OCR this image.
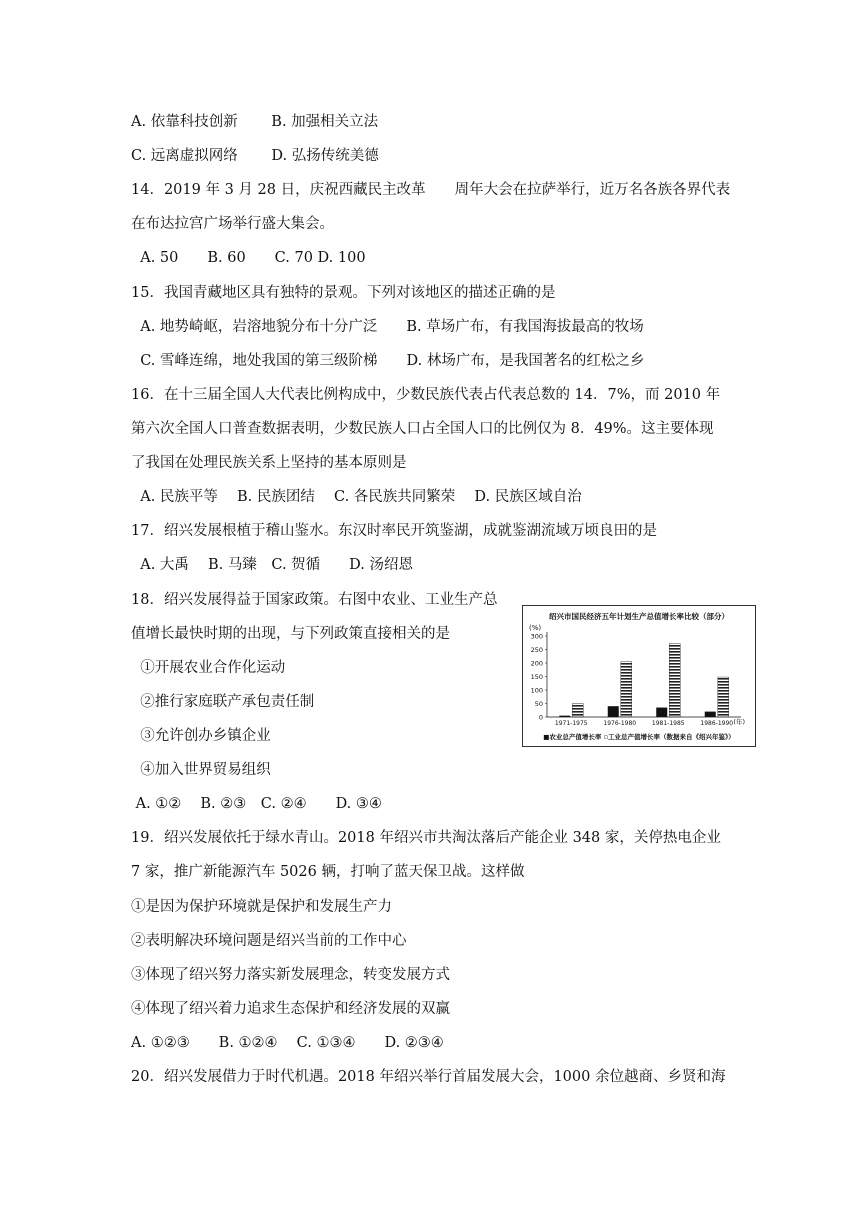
A. 依靠科技创新　　 B. 加强相关立法
C. 远离虚拟网络　　 D. 弘扬传统美德
14．2019 年 3 月 28 日，庆祝西藏民主改革　　周年大会在拉萨举行，近万名各族各界代表
在布达拉宫广场举行盛大集会。
A. 50　　B. 60　　C. 70 D. 100
15．我国青藏地区具有独特的景观。下列对该地区的描述正确的是
A. 地势崎岖，岩溶地貌分布十分广泛　　B. 草场广布，有我国海拔最高的牧场
C. 雪峰连绵，地处我国的第三级阶梯　　D. 林场广布，是我国著名的红松之乡
16．在十三届全国人大代表比例构成中，少数民族代表占代表总数的 14．7%，而 2010 年
第六次全国人口普查数据表明，少数民族人口占全国人口的比例仅为 8．49%。这主要体现
了我国在处理民族关系上坚持的基本原则是
A. 民族平等　 B. 民族团结　 C. 各民族共同繁荣　 D. 民族区域自治
17．绍兴发展根植于稽山鉴水。东汉时率民开筑鉴湖，成就鉴湖流域万顷良田的是
A. 大禹　 B. 马臻　C. 贺循　　D. 汤绍恩
18．绍兴发展得益于国家政策。右图中农业、工业生产总
值增长最快时期的出现，与下列政策直接相关的是
①开展农业合作化运动
②推行家庭联产承包责任制
③允许创办乡镇企业
④加入世界贸易组织
A. ①②　 B. ②③　C. ②④　　D. ③④
19．绍兴发展依托于绿水青山。2018 年绍兴市共淘汰落后产能企业 348 家，关停热电企业
7 家，推广新能源汽车 5026 辆，打响了蓝天保卫战。这样做
①是因为保护环境就是保护和发展生产力
②表明解决环境问题是绍兴当前的工作中心
③体现了绍兴努力落实新发展理念，转变发展方式
④体现了绍兴着力追求生态保护和经济发展的双赢
A. ①②③　　B. ①②④　 C. ①③④　　D. ②③④
20．绍兴发展借力于时代机遇。2018 年绍兴举行首届发展大会，1000 余位越商、乡贤和海
绍兴市国民经济五年计划生产总值增长率比较（部分）
(%)
(年)
0
50
100
150
200
250
300
1971-1975	1976-1980	1981-1985	1986-1990
■农业总产值增长率 ▫工业总产值增长率（数据来自《绍兴年鉴》）
